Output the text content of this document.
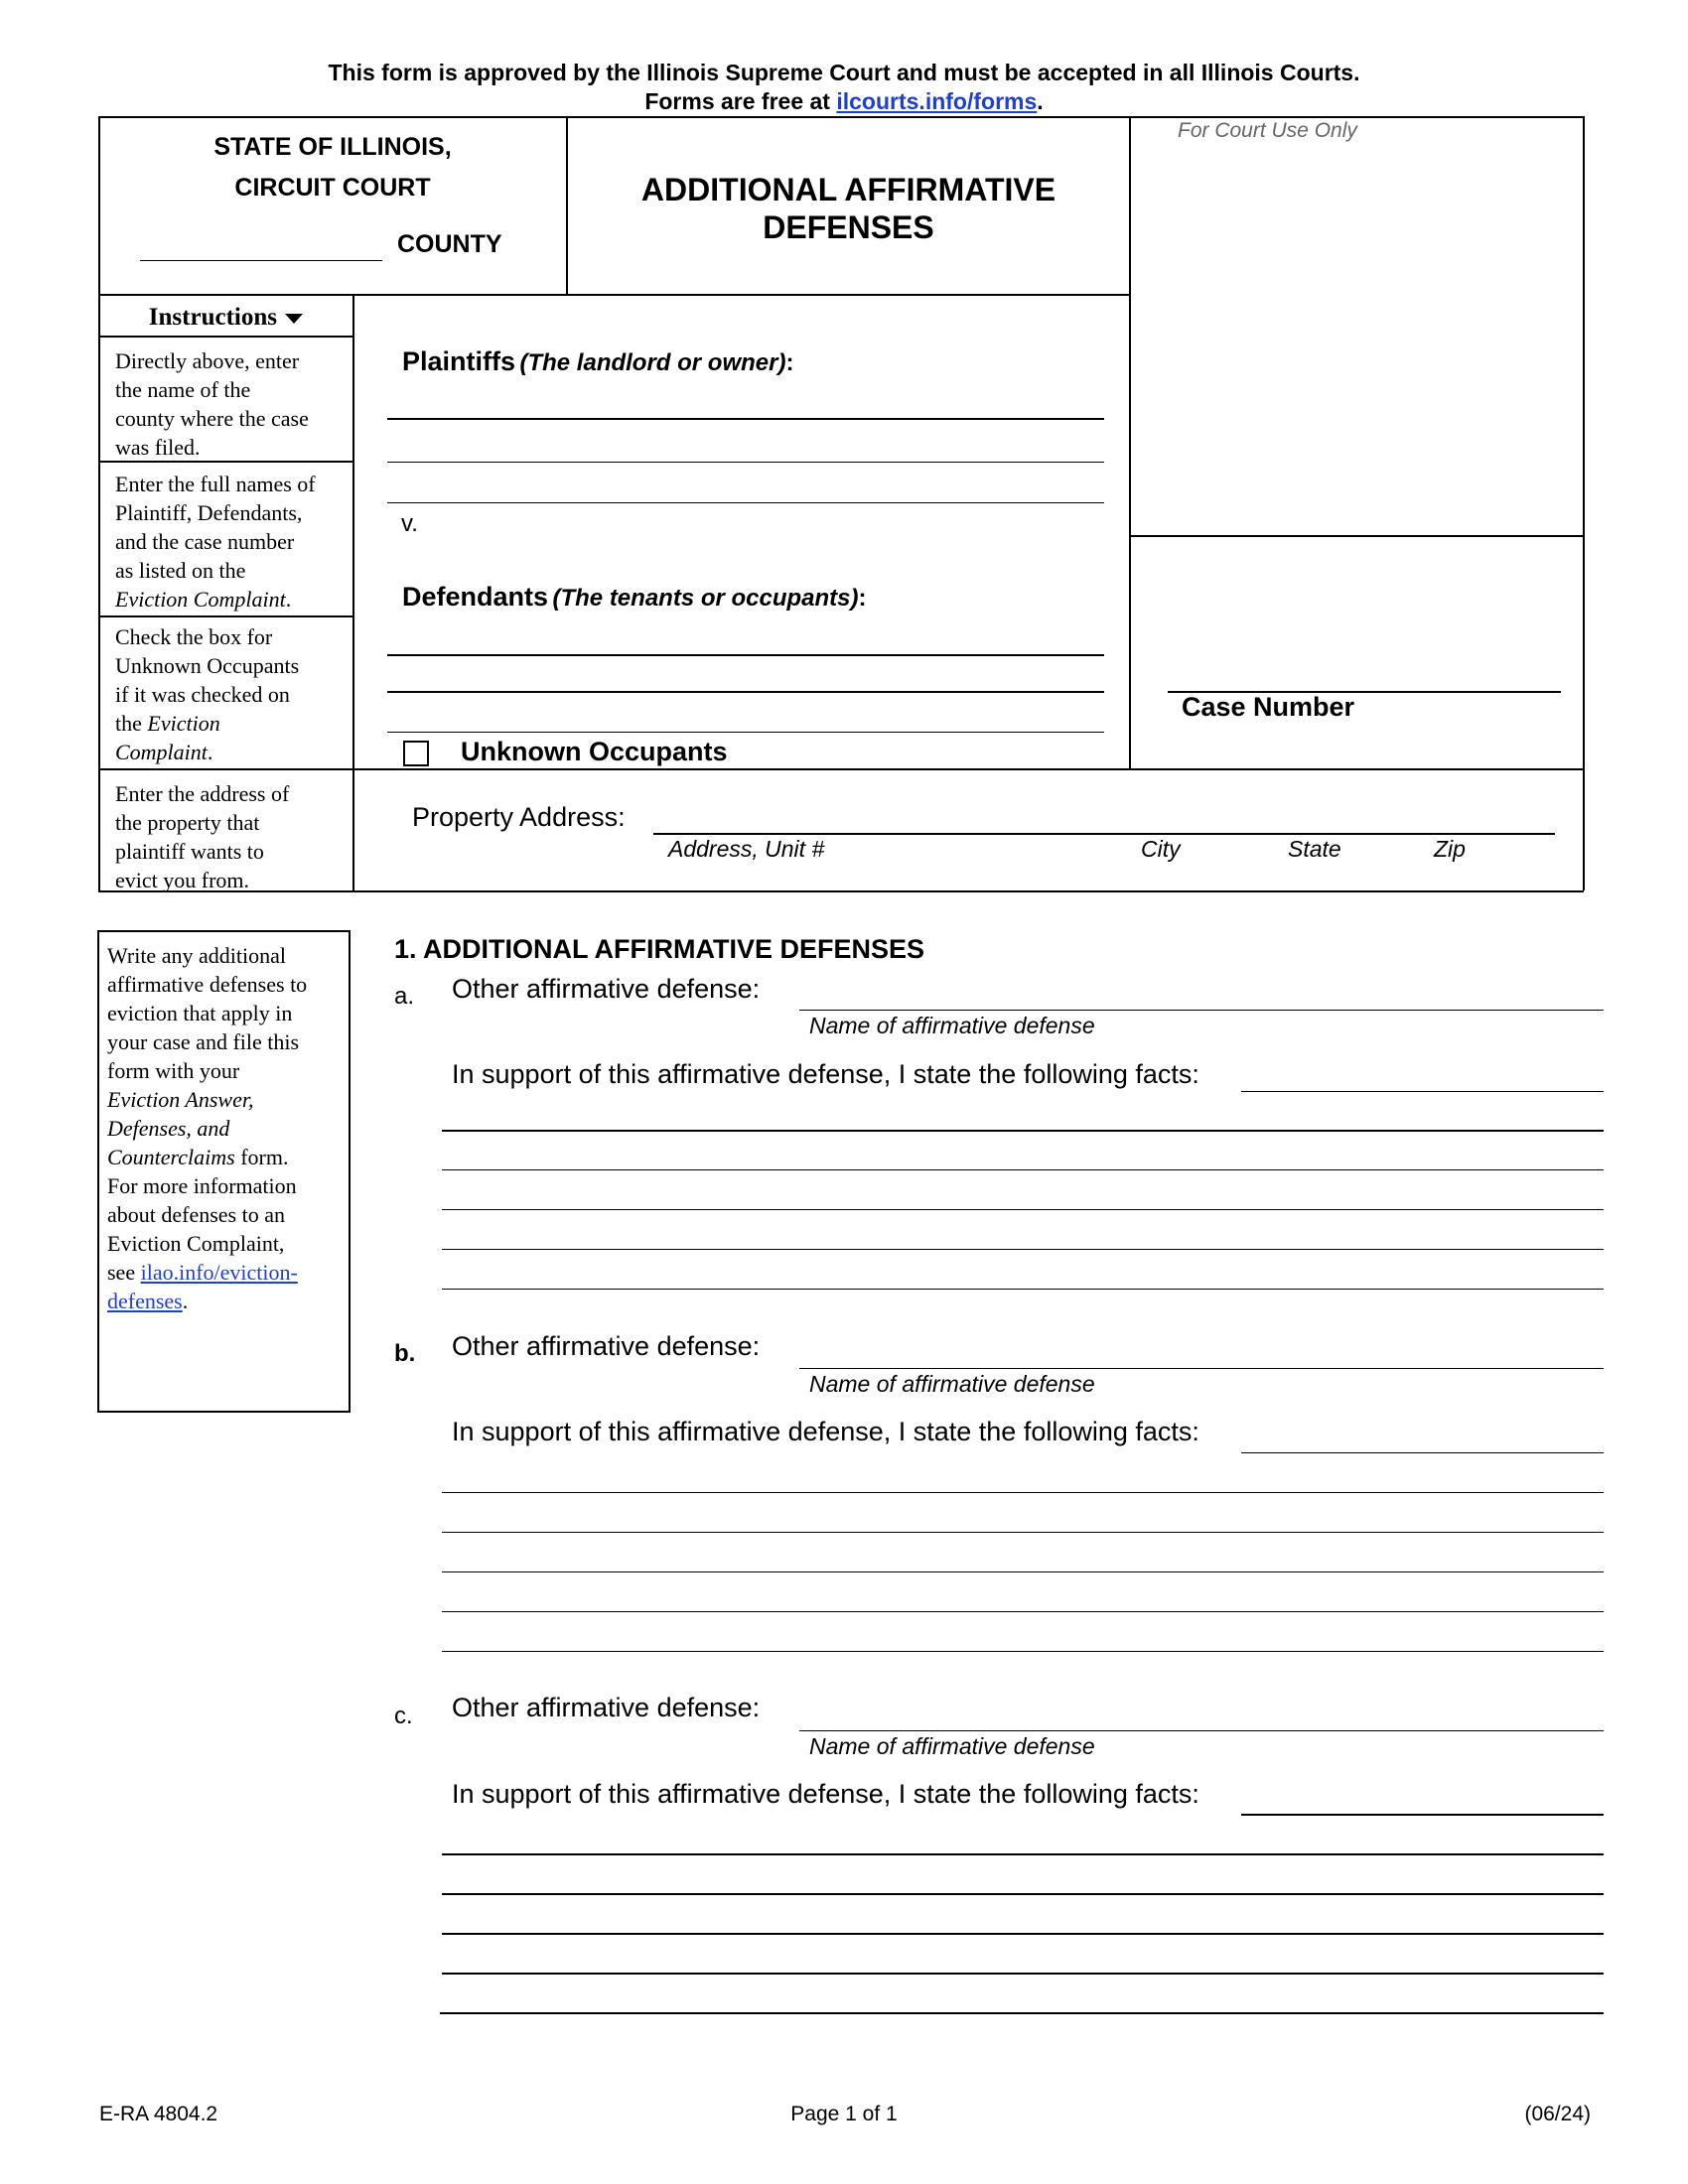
This form is approved by the Illinois Supreme Court and must be accepted in all Illinois Courts.
Forms are free at ilcourts.info/forms.
STATE OF ILLINOIS,
CIRCUIT COURT
COUNTY
ADDITIONAL AFFIRMATIVE
DEFENSES
For Court Use Only
Instructions
Directly above, enter
the name of the
county where the case
was filed.
Enter the full names of
Plaintiff, Defendants,
and the case number
as listed on the
Eviction Complaint.
Check the box for
Unknown Occupants
if it was checked on
the Eviction
Complaint.
Enter the address of
the property that
plaintiff wants to
evict you from.
Plaintiffs (The landlord or owner):
v.
Defendants (The tenants or occupants):
Unknown Occupants
Case Number
Property Address:
Address, Unit #	City	State	Zip
Write any additional
affirmative defenses to
eviction that apply in
your case and file this
form with your
Eviction Answer,
Defenses, and
Counterclaims form.
For more information
about defenses to an
Eviction Complaint,
see ilao.info/eviction-
defenses.
1. ADDITIONAL AFFIRMATIVE DEFENSES
a. Other affirmative defense:
Name of affirmative defense
In support of this affirmative defense, I state the following facts:
b. Other affirmative defense:
Name of affirmative defense
In support of this affirmative defense, I state the following facts:
c. Other affirmative defense:
Name of affirmative defense
In support of this affirmative defense, I state the following facts:
E-RA 4804.2	Page 1 of 1	(06/24)
